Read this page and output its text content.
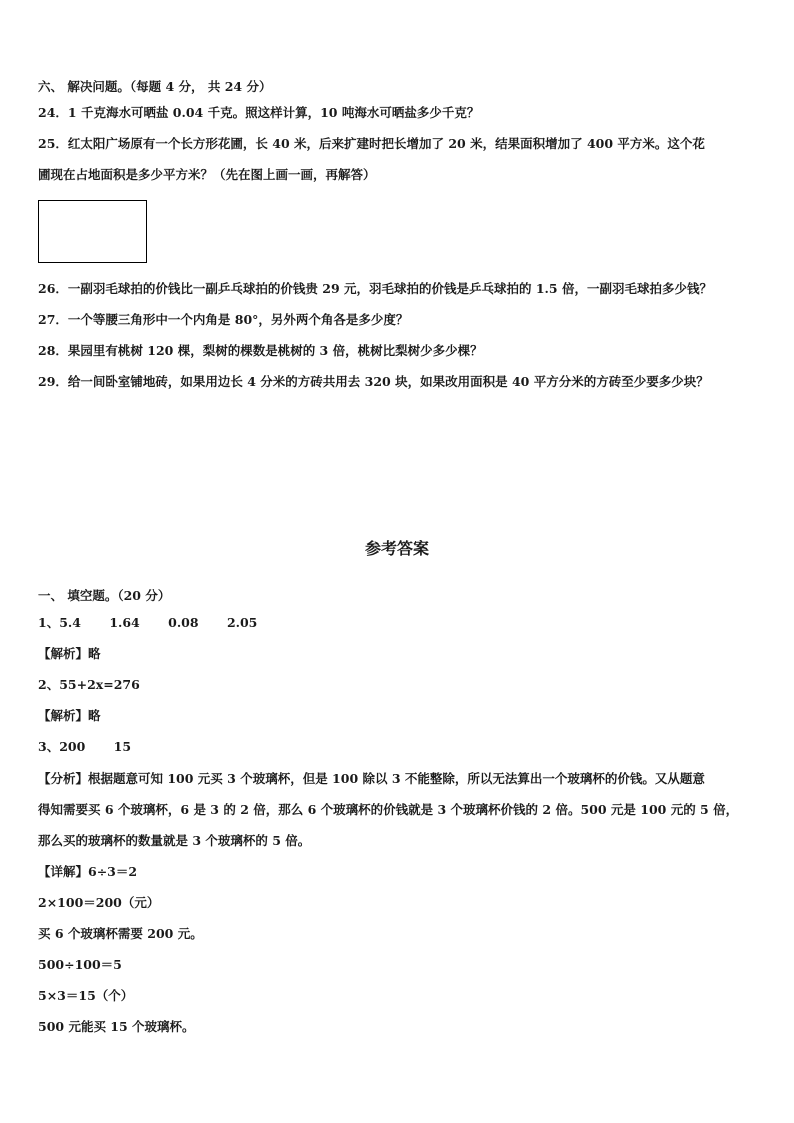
六、 解决问题。（每题 4 分， 共 24 分）
24．1 千克海水可晒盐 0.04 千克。照这样计算，10 吨海水可晒盐多少千克？
25．红太阳广场原有一个长方形花圃，长 40 米，后来扩建时把长增加了 20 米，结果面积增加了 400 平方米。这个花
圃现在占地面积是多少平方米？（先在图上画一画，再解答）
26．一副羽毛球拍的价钱比一副乒乓球拍的价钱贵 29 元，羽毛球拍的价钱是乒乓球拍的 1.5 倍，一副羽毛球拍多少钱？
27．一个等腰三角形中一个内角是 80°，另外两个角各是多少度？
28．果园里有桃树 120 棵，梨树的棵数是桃树的 3 倍，桃树比梨树少多少棵？
29．给一间卧室铺地砖，如果用边长 4 分米的方砖共用去 320 块，如果改用面积是 40 平方分米的方砖至少要多少块？
参考答案
一、 填空题。（20 分）
1、5.4 1.64 0.08 2.05
【解析】略
2、55+2x=276
【解析】略
3、200 15
【分析】根据题意可知 100 元买 3 个玻璃杯，但是 100 除以 3 不能整除，所以无法算出一个玻璃杯的价钱。又从题意
得知需要买 6 个玻璃杯，6 是 3 的 2 倍，那么 6 个玻璃杯的价钱就是 3 个玻璃杯价钱的 2 倍。500 元是 100 元的 5 倍，
那么买的玻璃杯的数量就是 3 个玻璃杯的 5 倍。
【详解】6÷3＝2
2×100＝200（元）
买 6 个玻璃杯需要 200 元。
500÷100＝5
5×3＝15（个）
500 元能买 15 个玻璃杯。
